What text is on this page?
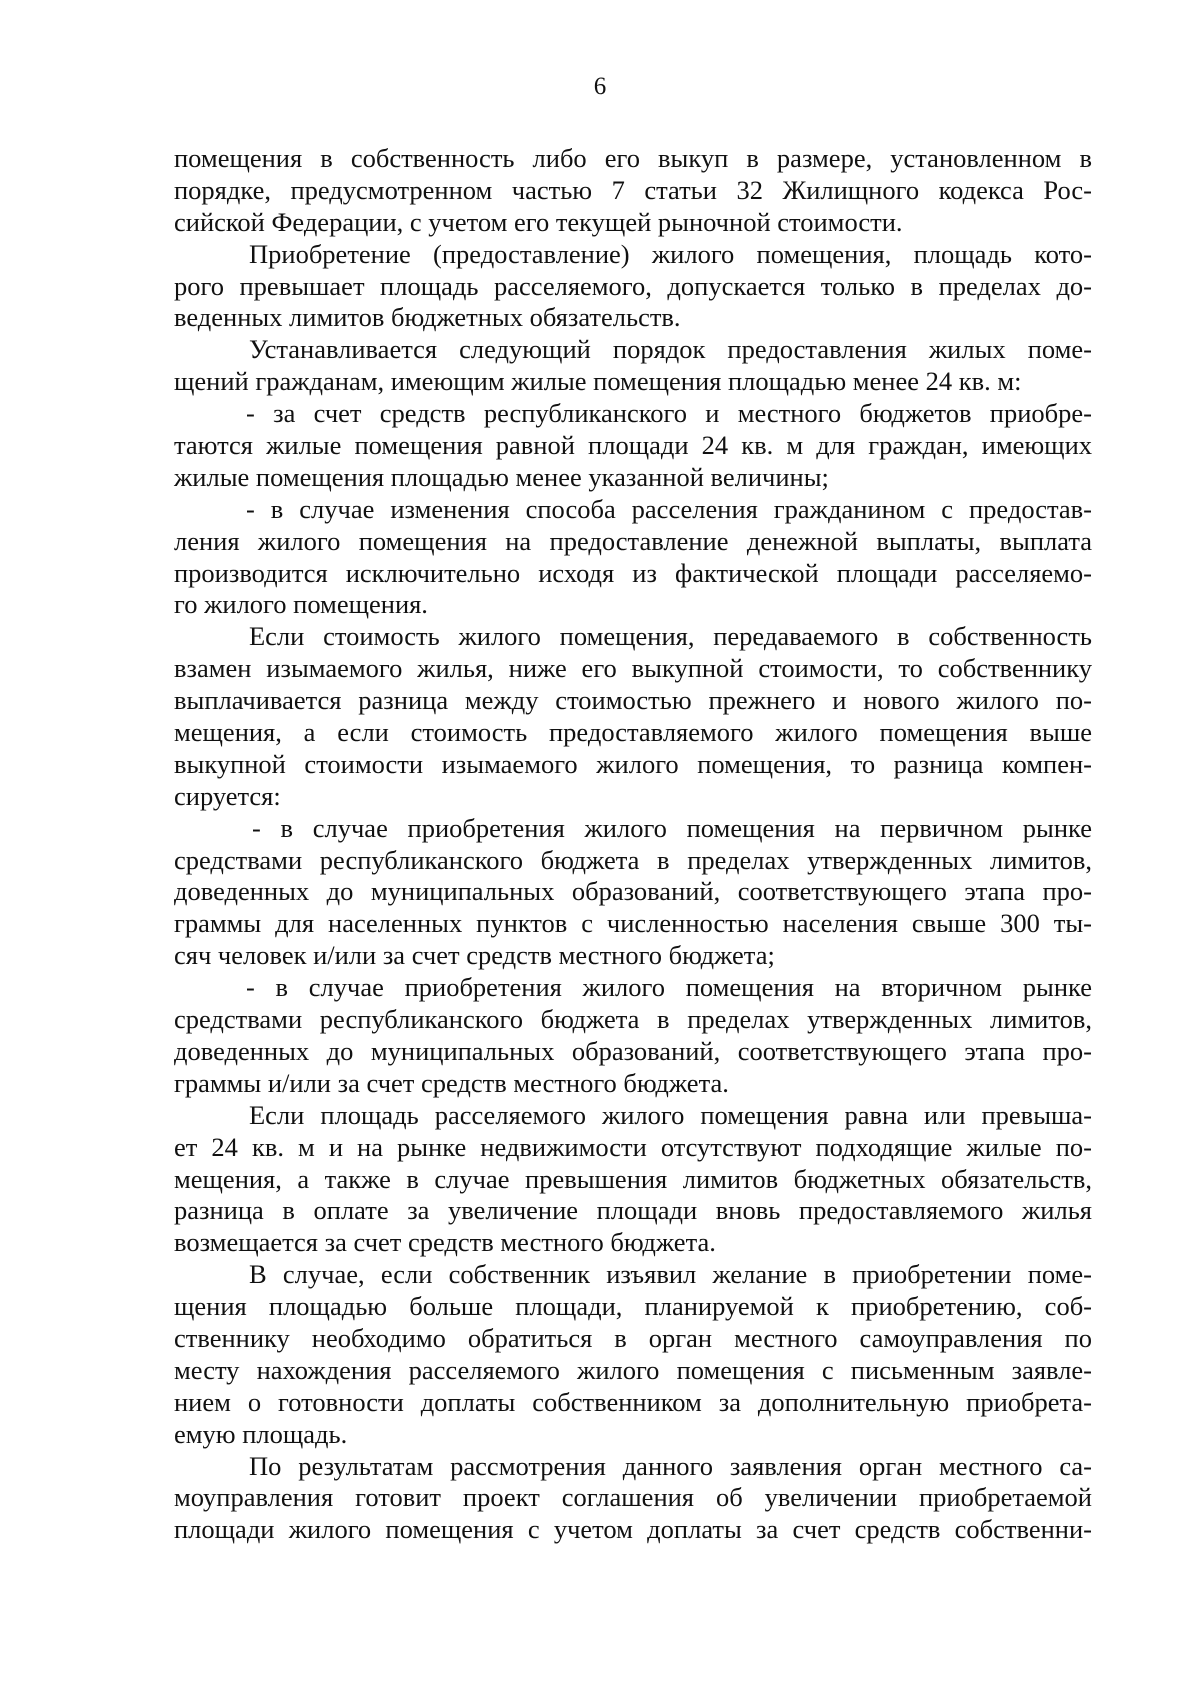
6
помещения в собственность либо его выкуп в размере, установленном в
порядке, предусмотренном частью 7 статьи 32 Жилищного кодекса Рос-
сийской Федерации, с учетом его текущей рыночной стоимости.
Приобретение (предоставление) жилого помещения, площадь кото-
рого превышает площадь расселяемого, допускается только в пределах до-
веденных лимитов бюджетных обязательств.
Устанавливается следующий порядок предоставления жилых поме-
щений гражданам, имеющим жилые помещения площадью менее 24 кв. м:
- за счет средств республиканского и местного бюджетов приобре-
таются жилые помещения равной площади 24 кв. м для граждан, имеющих
жилые помещения площадью менее указанной величины;
- в случае изменения способа расселения гражданином с предостав-
ления жилого помещения на предоставление денежной выплаты, выплата
производится исключительно исходя из фактической площади расселяемо-
го жилого помещения.
Если стоимость жилого помещения, передаваемого в собственность
взамен изымаемого жилья, ниже его выкупной стоимости, то собственнику
выплачивается разница между стоимостью прежнего и нового жилого по-
мещения, а если стоимость предоставляемого жилого помещения выше
выкупной стоимости изымаемого жилого помещения, то разница компен-
сируется:
- в случае приобретения жилого помещения на первичном рынке
средствами республиканского бюджета в пределах утвержденных лимитов,
доведенных до муниципальных образований, соответствующего этапа про-
граммы для населенных пунктов с численностью населения свыше 300 ты-
сяч человек и/или за счет средств местного бюджета;
- в случае приобретения жилого помещения на вторичном рынке
средствами республиканского бюджета в пределах утвержденных лимитов,
доведенных до муниципальных образований, соответствующего этапа про-
граммы и/или за счет средств местного бюджета.
Если площадь расселяемого жилого помещения равна или превыша-
ет 24 кв. м и на рынке недвижимости отсутствуют подходящие жилые по-
мещения, а также в случае превышения лимитов бюджетных обязательств,
разница в оплате за увеличение площади вновь предоставляемого жилья
возмещается за счет средств местного бюджета.
В случае, если собственник изъявил желание в приобретении поме-
щения площадью больше площади, планируемой к приобретению, соб-
ственнику необходимо обратиться в орган местного самоуправления по
месту нахождения расселяемого жилого помещения с письменным заявле-
нием о готовности доплаты собственником за дополнительную приобрета-
емую площадь.
По результатам рассмотрения данного заявления орган местного са-
моуправления готовит проект соглашения об увеличении приобретаемой
площади жилого помещения с учетом доплаты за счет средств собственни-
